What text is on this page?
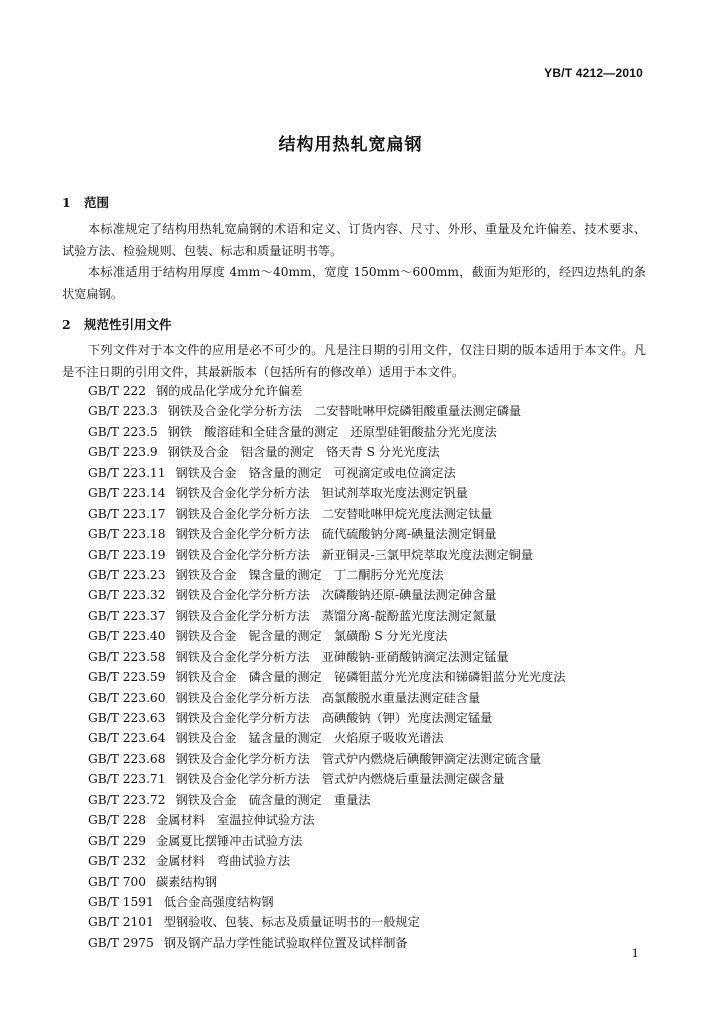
YB/T 4212—2010
结构用热轧宽扁钢
1 范围
本标准规定了结构用热轧宽扁钢的术语和定义、订货内容、尺寸、外形、重量及允许偏差、技术要求、试验方法、检验规则、包装、标志和质量证明书等。
本标准适用于结构用厚度 4mm～40mm，宽度 150mm～600mm，截面为矩形的，经四边热轧的条状宽扁钢。
2 规范性引用文件
下列文件对于本文件的应用是必不可少的。凡是注日期的引用文件，仅注日期的版本适用于本文件。凡是不注日期的引用文件，其最新版本（包括所有的修改单）适用于本文件。
GB/T 222 钢的成品化学成分允许偏差
GB/T 223.3 钢铁及合金化学分析方法　二安替吡啉甲烷磷钼酸重量法测定磷量
GB/T 223.5 钢铁　酸溶硅和全硅含量的测定　还原型硅钼酸盐分光光度法
GB/T 223.9 钢铁及合金　铝含量的测定　铬天青 S 分光光度法
GB/T 223.11 钢铁及合金　铬含量的测定　可视滴定或电位滴定法
GB/T 223.14 钢铁及合金化学分析方法　钽试剂萃取光度法测定钒量
GB/T 223.17 钢铁及合金化学分析方法　二安替吡啉甲烷光度法测定钛量
GB/T 223.18 钢铁及合金化学分析方法　硫代硫酸钠分离-碘量法测定铜量
GB/T 223.19 钢铁及合金化学分析方法　新亚铜灵-三氯甲烷萃取光度法测定铜量
GB/T 223.23 钢铁及合金　镍含量的测定　丁二酮肟分光光度法
GB/T 223.32 钢铁及合金化学分析方法　次磷酸钠还原-碘量法测定砷含量
GB/T 223.37 钢铁及合金化学分析方法　蒸馏分离-靛酚蓝光度法测定氮量
GB/T 223.40 钢铁及合金　铌含量的测定　氯磺酚 S 分光光度法
GB/T 223.58 钢铁及合金化学分析方法　亚砷酸钠-亚硝酸钠滴定法测定锰量
GB/T 223.59 钢铁及合金　磷含量的测定　铋磷钼蓝分光光度法和锑磷钼蓝分光光度法
GB/T 223.60 钢铁及合金化学分析方法　高氯酸脱水重量法测定硅含量
GB/T 223.63 钢铁及合金化学分析方法　高碘酸钠（钾）光度法测定锰量
GB/T 223.64 钢铁及合金　锰含量的测定　火焰原子吸收光谱法
GB/T 223.68 钢铁及合金化学分析方法　管式炉内燃烧后碘酸钾滴定法测定硫含量
GB/T 223.71 钢铁及合金化学分析方法　管式炉内燃烧后重量法测定碳含量
GB/T 223.72 钢铁及合金　硫含量的测定　重量法
GB/T 228 金属材料　室温拉伸试验方法
GB/T 229 金属夏比摆锤冲击试验方法
GB/T 232 金属材料　弯曲试验方法
GB/T 700 碳素结构钢
GB/T 1591 低合金高强度结构钢
GB/T 2101 型钢验收、包装、标志及质量证明书的一般规定
GB/T 2975 钢及钢产品力学性能试验取样位置及试样制备
1
